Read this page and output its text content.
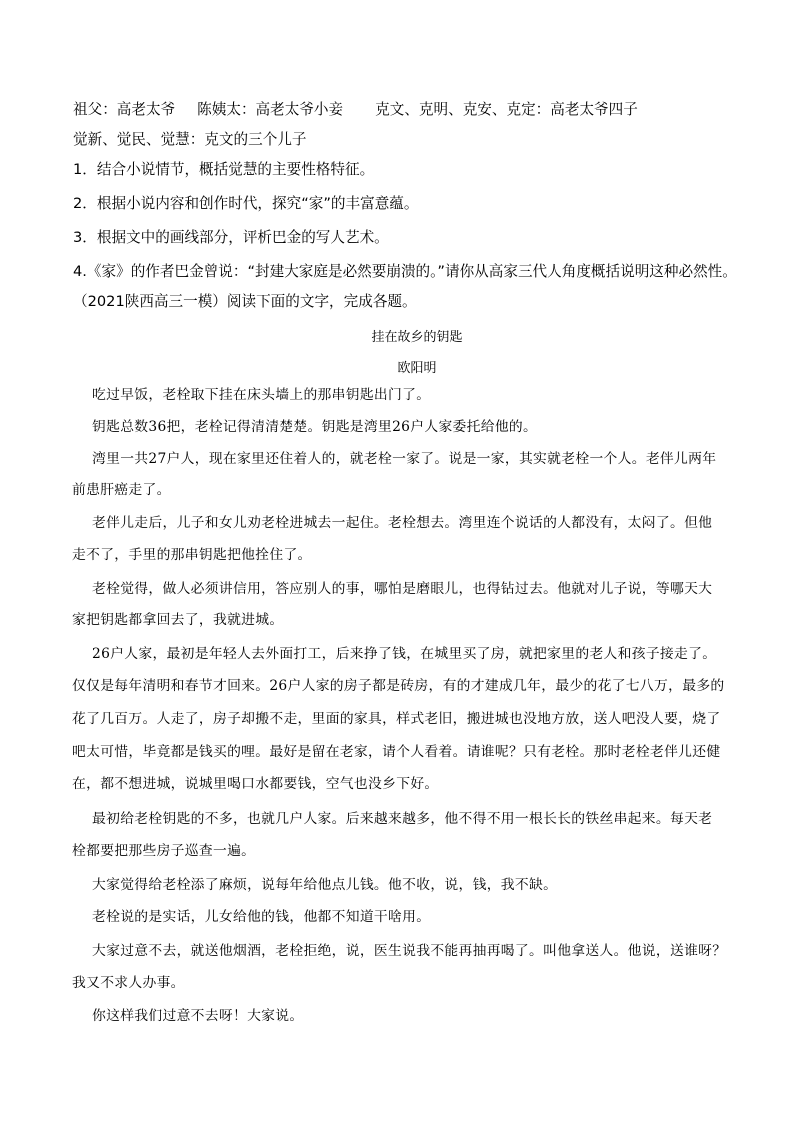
祖父：高老太爷 陈姨太：高老太爷小妾 克文、克明、克安、克定：高老太爷四子
觉新、觉民、觉慧：克文的三个儿子
1．结合小说情节，概括觉慧的主要性格特征。
2．根据小说内容和创作时代，探究“家”的丰富意蕴。
3．根据文中的画线部分，评析巴金的写人艺术。
4.《家》的作者巴金曾说：“封建大家庭是必然要崩溃的。”请你从高家三代人角度概括说明这种必然性。
（2021陕西高三一模）阅读下面的文字，完成各题。
挂在故乡的钥匙
欧阳明
吃过早饭，老栓取下挂在床头墙上的那串钥匙出门了。
钥匙总数36把，老栓记得清清楚楚。钥匙是湾里26户人家委托给他的。
湾里一共27户人，现在家里还住着人的，就老栓一家了。说是一家，其实就老栓一个人。老伴儿两年
前患肝癌走了。
老伴儿走后，儿子和女儿劝老栓进城去一起住。老栓想去。湾里连个说话的人都没有，太闷了。但他
走不了，手里的那串钥匙把他拴住了。
老栓觉得，做人必须讲信用，答应别人的事，哪怕是磨眼儿，也得钻过去。他就对儿子说，等哪天大
家把钥匙都拿回去了，我就进城。
26户人家，最初是年轻人去外面打工，后来挣了钱，在城里买了房，就把家里的老人和孩子接走了。
仅仅是每年清明和春节才回来。26户人家的房子都是砖房，有的才建成几年，最少的花了七八万，最多的
花了几百万。人走了，房子却搬不走，里面的家具，样式老旧，搬进城也没地方放，送人吧没人要，烧了
吧太可惜，毕竟都是钱买的哩。最好是留在老家，请个人看着。请谁呢？只有老栓。那时老栓老伴儿还健
在，都不想进城，说城里喝口水都要钱，空气也没乡下好。
最初给老栓钥匙的不多，也就几户人家。后来越来越多，他不得不用一根长长的铁丝串起来。每天老
栓都要把那些房子巡查一遍。
大家觉得给老栓添了麻烦，说每年给他点儿钱。他不收，说，钱，我不缺。
老栓说的是实话，儿女给他的钱，他都不知道干啥用。
大家过意不去，就送他烟酒，老栓拒绝，说，医生说我不能再抽再喝了。叫他拿送人。他说，送谁呀？
我又不求人办事。
你这样我们过意不去呀！大家说。
